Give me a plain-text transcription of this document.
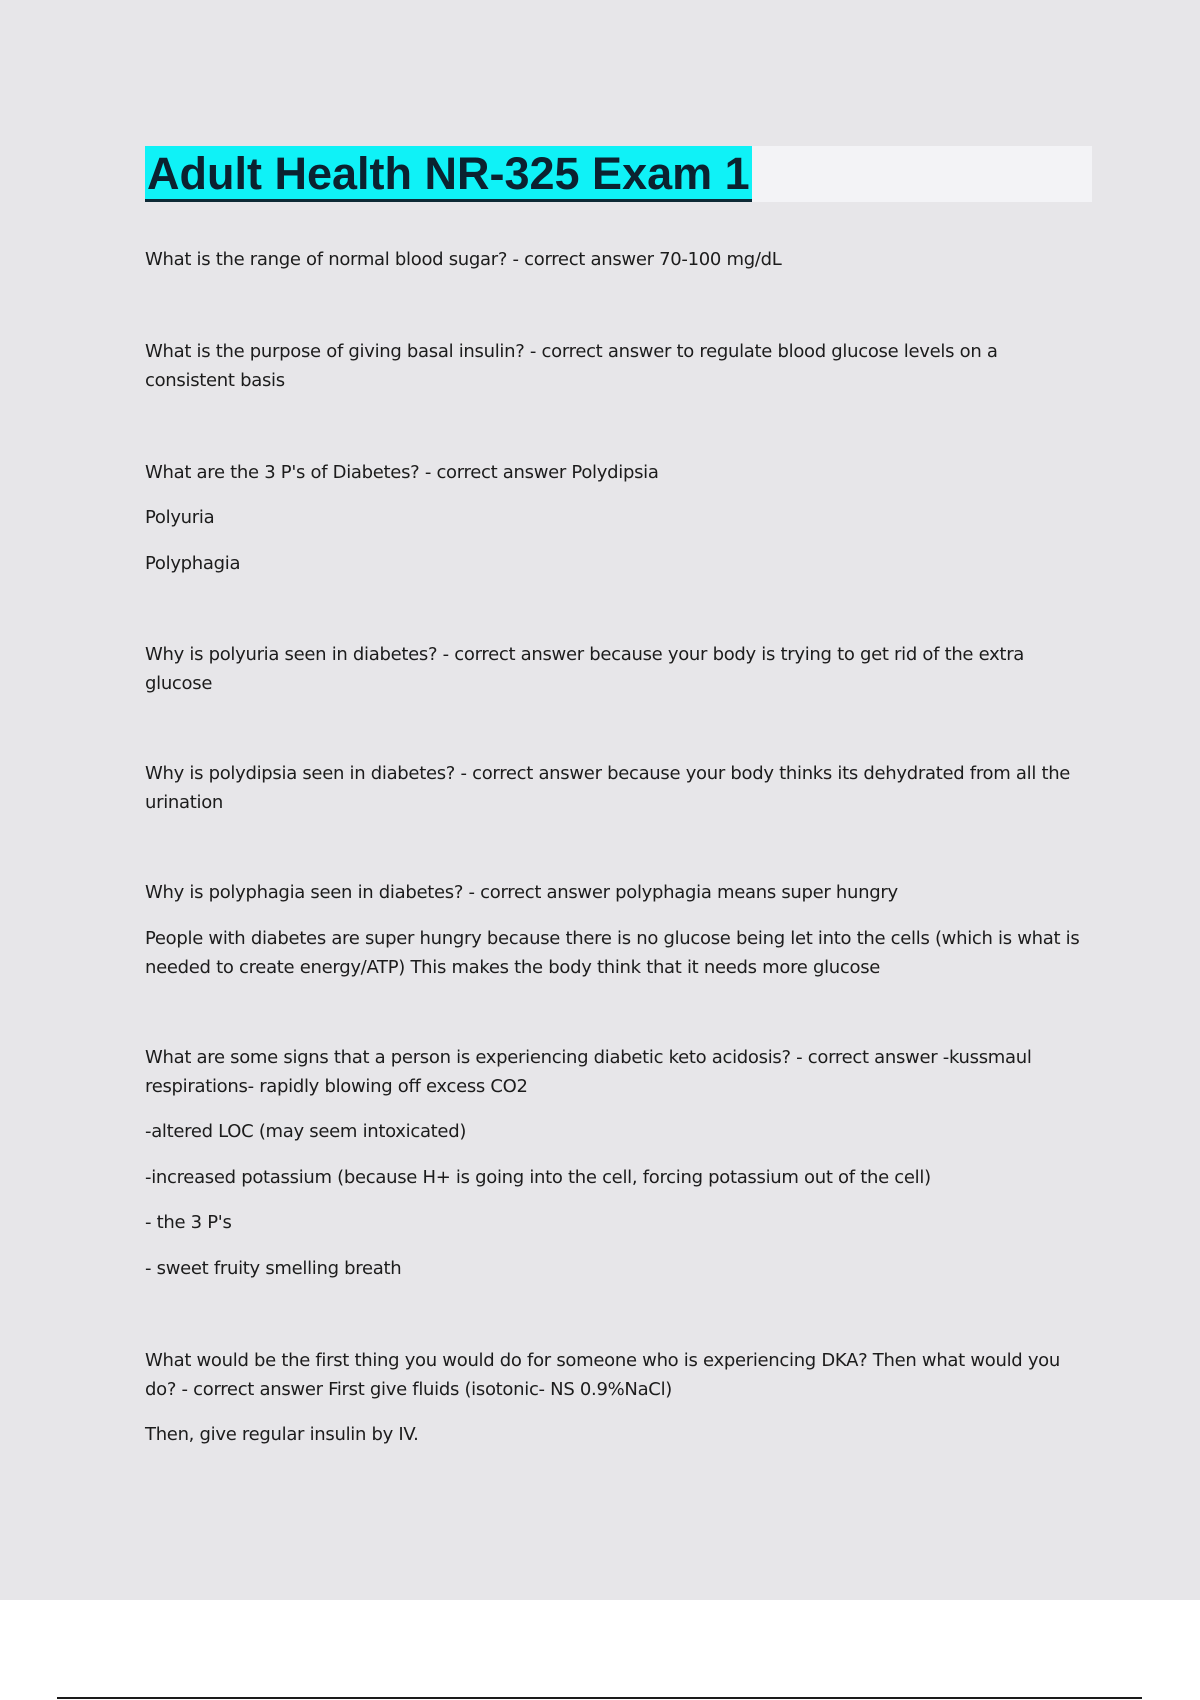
Adult Health NR-325 Exam 1

What is the range of normal blood sugar? - correct answer 70-100 mg/dL

What is the purpose of giving basal insulin? - correct answer to regulate blood glucose levels on a consistent basis

What are the 3 P's of Diabetes? - correct answer Polydipsia

Polyuria

Polyphagia

Why is polyuria seen in diabetes? - correct answer because your body is trying to get rid of the extra glucose

Why is polydipsia seen in diabetes? - correct answer because your body thinks its dehydrated from all the urination

Why is polyphagia seen in diabetes? - correct answer polyphagia means super hungry

People with diabetes are super hungry because there is no glucose being let into the cells (which is what is needed to create energy/ATP) This makes the body think that it needs more glucose

What are some signs that a person is experiencing diabetic keto acidosis? - correct answer -kussmaul respirations- rapidly blowing off excess CO2

-altered LOC (may seem intoxicated)

-increased potassium (because H+ is going into the cell, forcing potassium out of the cell)

- the 3 P's

- sweet fruity smelling breath

What would be the first thing you would do for someone who is experiencing DKA? Then what would you do? - correct answer First give fluids (isotonic- NS 0.9%NaCl)

Then, give regular insulin by IV.
